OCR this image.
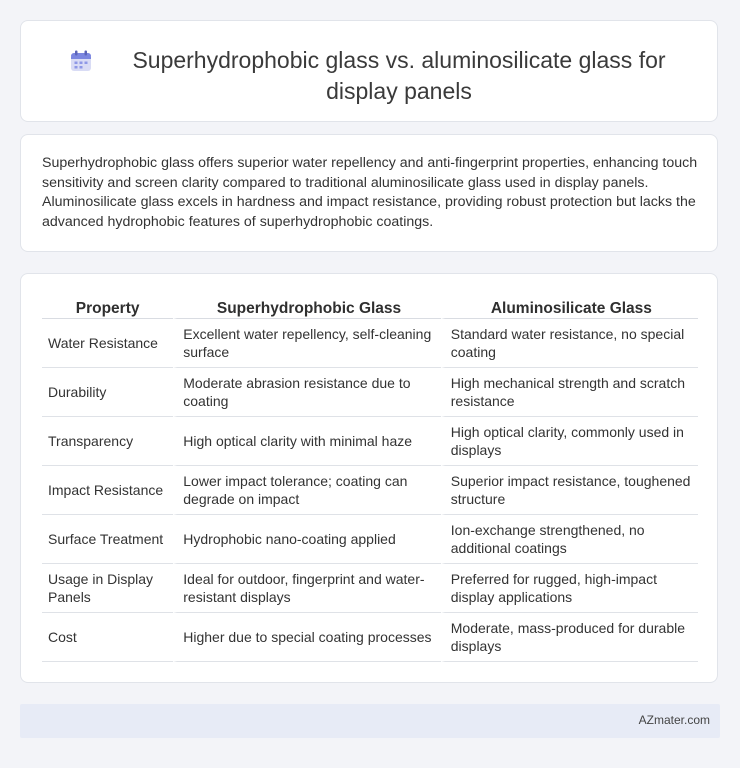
Superhydrophobic glass vs. aluminosilicate glass for display panels

Superhydrophobic glass offers superior water repellency and anti-fingerprint properties, enhancing touch sensitivity and screen clarity compared to traditional aluminosilicate glass used in display panels. Aluminosilicate glass excels in hardness and impact resistance, providing robust protection but lacks the advanced hydrophobic features of superhydrophobic coatings.

Property	Superhydrophobic Glass	Aluminosilicate Glass
Water Resistance	Excellent water repellency, self-cleaning surface	Standard water resistance, no special coating
Durability	Moderate abrasion resistance due to coating	High mechanical strength and scratch resistance
Transparency	High optical clarity with minimal haze	High optical clarity, commonly used in displays
Impact Resistance	Lower impact tolerance; coating can degrade on impact	Superior impact resistance, toughened structure
Surface Treatment	Hydrophobic nano-coating applied	Ion-exchange strengthened, no additional coatings
Usage in Display Panels	Ideal for outdoor, fingerprint and water-resistant displays	Preferred for rugged, high-impact display applications
Cost	Higher due to special coating processes	Moderate, mass-produced for durable displays
AZmater.com
